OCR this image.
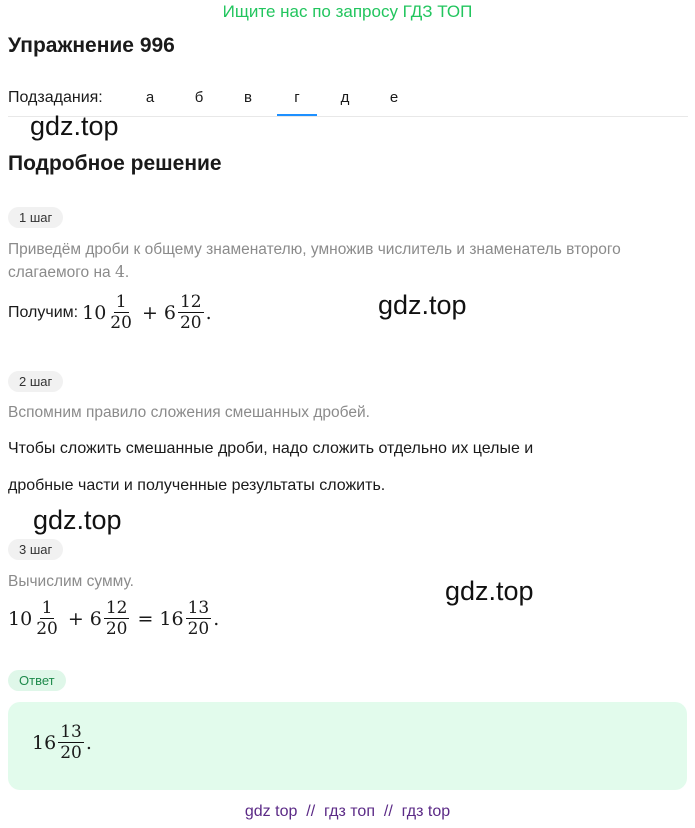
Ищите нас по запросу ГДЗ ТОП
Упражнение 996
Подзадания:	а	б	в	г	д	е
gdz.top
Подробное решение
1 шаг
Приведём дроби к общему знаменателю, умножив числитель и знаменатель второго слагаемого на 4.
Получим: $10 \frac{1}{20} + 6 \frac{12}{20}$ .	gdz.top
2 шаг
Вспомним правило сложения смешанных дробей.
Чтобы сложить смешанные дроби, надо сложить отдельно их целые и
дробные части и полученные результаты сложить.
gdz.top
3 шаг
Вычислим сумму.
$10 \frac{1}{20} + 6 \frac{12}{20} = 16 \frac{13}{20}$ .
gdz.top
Ответ
$16 \frac{13}{20}$ .
gdz top  //  гдз топ  //  гдз top
